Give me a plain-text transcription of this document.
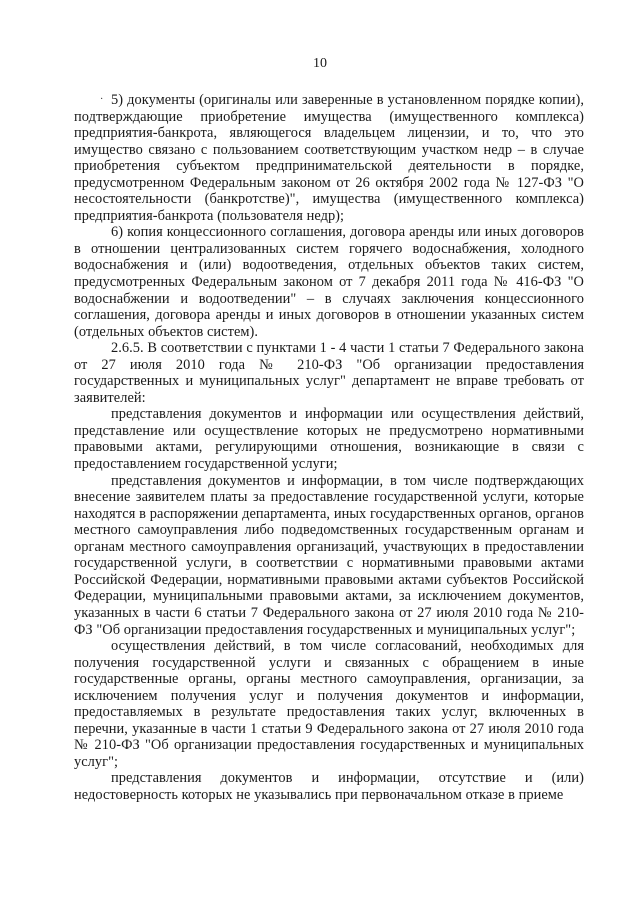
10
· 5) документы (оригиналы или заверенные в установленном порядке копии), подтверждающие приобретение имущества (имущественного комплекса) предприятия-банкрота, являющегося владельцем лицензии, и то, что это имущество связано с пользованием соответствующим участком недр – в случае приобретения субъектом предпринимательской деятельности в порядке, предусмотренном Федеральным законом от 26 октября 2002 года № 127-ФЗ "О несостоятельности (банкротстве)", имущества (имущественного комплекса) предприятия-банкрота (пользователя недр);

6) копия концессионного соглашения, договора аренды или иных договоров в отношении централизованных систем горячего водоснабжения, холодного водоснабжения и (или) водоотведения, отдельных объектов таких систем, предусмотренных Федеральным законом от 7 декабря 2011 года № 416-ФЗ "О водоснабжении и водоотведении" – в случаях заключения концессионного соглашения, договора аренды и иных договоров в отношении указанных систем (отдельных объектов систем).

2.6.5. В соответствии с пунктами 1 - 4 части 1 статьи 7 Федерального закона от 27 июля 2010 года № 210-ФЗ "Об организации предоставления государственных и муниципальных услуг" департамент не вправе требовать от заявителей:

представления документов и информации или осуществления действий, представление или осуществление которых не предусмотрено нормативными правовыми актами, регулирующими отношения, возникающие в связи с предоставлением государственной услуги;

представления документов и информации, в том числе подтверждающих внесение заявителем платы за предоставление государственной услуги, которые находятся в распоряжении департамента, иных государственных органов, органов местного самоуправления либо подведомственных государственным органам и органам местного самоуправления организаций, участвующих в предоставлении государственной услуги, в соответствии с нормативными правовыми актами Российской Федерации, нормативными правовыми актами субъектов Российской Федерации, муниципальными правовыми актами, за исключением документов, указанных в части 6 статьи 7 Федерального закона от 27 июля 2010 года № 210-ФЗ "Об организации предоставления государственных и муниципальных услуг";

осуществления действий, в том числе согласований, необходимых для получения государственной услуги и связанных с обращением в иные государственные органы, органы местного самоуправления, организации, за исключением получения услуг и получения документов и информации, предоставляемых в результате предоставления таких услуг, включенных в перечни, указанные в части 1 статьи 9 Федерального закона от 27 июля 2010 года № 210-ФЗ "Об организации предоставления государственных и муниципальных услуг";

представления документов и информации, отсутствие и (или) недостоверность которых не указывались при первоначальном отказе в приеме
